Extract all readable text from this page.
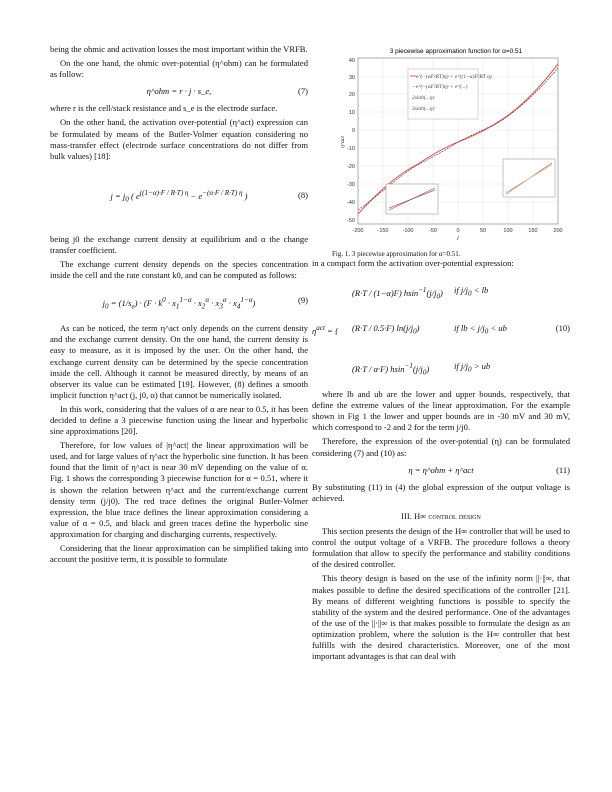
being the ohmic and activation losses the most important within the VRFB.

On the one hand, the ohmic over-potential (η^ohm) can be formulated as follow:

η^ohm = r · j · s_e,	(7)

where r is the cell/stack resistance and s_e is the electrode surface.

On the other hand, the activation over-potential (η^act) expression can be formulated by means of the Butler-Volmer equation considering no mass-transfer effect (electrode surface concentrations do not differ from bulk values) [18]:

$j = j_0$ ( $e^{((1-\alpha)\cdot F / R\cdot T) \eta} - e^{-(\alpha\cdot F / R\cdot T) \eta}$ )	(8)

being j0 the exchange current density at equilibrium and α the change transfer coefficient.

The exchange current density depends on the species concentration inside the cell and the rate constant k0, and can be computed as follows:

$j_0 = (1/s_e) \cdot (F \cdot k^0 \cdot x_1^{1-\alpha} \cdot x_2^\alpha \cdot x_3^\alpha \cdot x_4^{1-\alpha})$	(9)

As can be noticed, the term η^act only depends on the current density and the exchange current density. On the one hand, the current density is easy to measure, as it is imposed by the user. On the other hand, the exchange current density can be determined by the specie concentration inside the cell. Although it cannot be measured directly, by means of an observer its value can be estimated [19]. However, (8) defines a smooth implicit function η^act (j, j0, α) that cannot be numerically isolated.

In this work, considering that the values of α are near to 0.5, it has been decided to define a 3 piecewise function using the linear and hyperbolic sine approximations [20].

Therefore, for low values of |η^act| the linear approximation will be used, and for large values of η^act the hyperbolic sine function. It has been found that the limit of η^act is near 30 mV depending on the value of α. Fig. 1 shows the corresponding 3 piecewise function for α = 0.51, where it is shown the relation between η^act and the current/exchange current density term (j/j0). The red trace defines the original Butler-Volmer expression, the blue trace defines the linear approximation considering a value of α = 0.5, and black and green traces define the hyperbolic sine approximation for charging and discharging currents, respectively.

Considering that the linear approximation can be simplified taking into account the positive term, it is possible to formulate

3 piecewise approximation function for α=0.51
−e^(−(αF/RT)η) + e^((1−α)F/RT η)
−e^(−(αF/RT)η) + e^(...)
2sinh(...η)
2sinh(...η)
40
30
20
10
0
-10
-20
-30
-40
-50
-200	-150	-100	-50	0	50	100	150	200
j
η^act
Fig. 1. 3 piecewise approximation for α=0.51.

in a compact form the activation over-potential expression:

$\eta^{act}$ = {
(R·T / (1−α)F) $hsin^{-1}(j/j_0)$ if $j/j_0$ < lb
(R·T / 0.5·F) $\ln(j/j_0)$	if lb < $j/j_0$ < ub
(R·T / α·F) $hsin^{-1}(j/j_0)$	if $j/j_0$ > ub
(10)

where lb and ub are the lower and upper bounds, respectively, that define the extreme values of the linear approximation. For the example shown in Fig 1 the lower and upper bounds are in -30 mV and 30 mV, which correspond to -2 and 2 for the term j/j0.

Therefore, the expression of the over-potential (η) can be formulated considering (7) and (10) as:

η = η^ohm + η^act	(11)

By substituting (11) in (4) the global expression of the output voltage is achieved.

III. H∞ control design

This section presents the design of the H∞ controller that will be used to control the output voltage of a VRFB. The procedure follows a theory formulation that allow to specify the performance and stability conditions of the desired controller.

This theory design is based on the use of the infinity norm ||·||∞, that makes possible to define the desired specifications of the controller [21]. By means of different weighting functions is possible to specify the stability of the system and the desired performance. One of the advantages of the use of the ||·||∞ is that makes possible to formulate the design as an optimization problem, where the solution is the H∞ controller that best fulfills with the desired characteristics. Moreover, one of the most important advantages is that can deal with
